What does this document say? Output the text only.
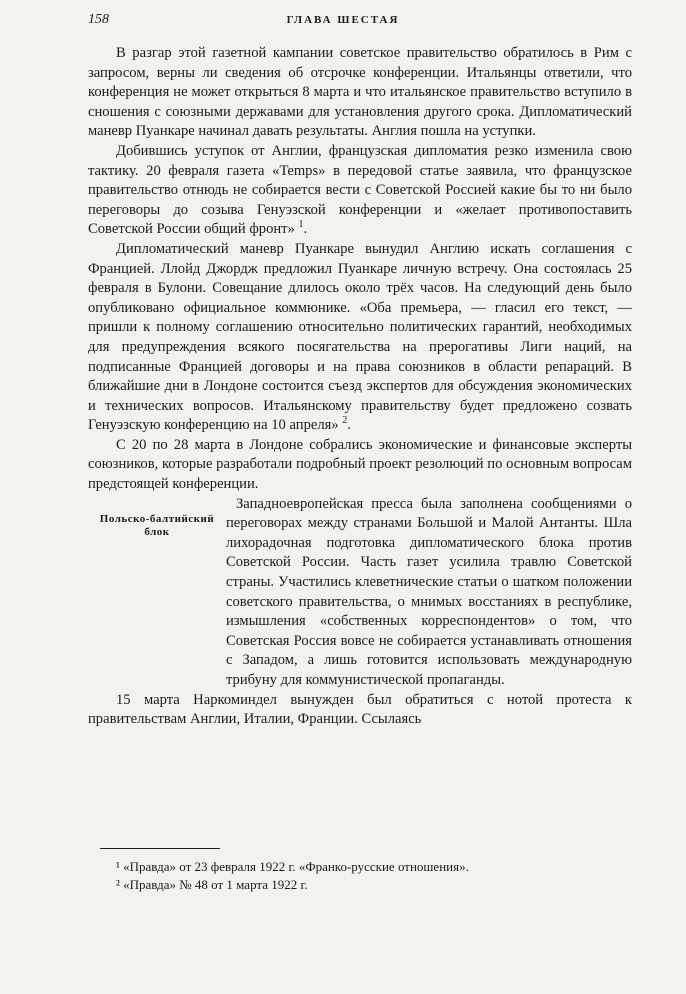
158	ГЛАВА ШЕСТАЯ

В разгар этой газетной кампании советское правительство обратилось в Рим с запросом, верны ли сведения об отсрочке конференции. Итальянцы ответили, что конференция не может открыться 8 марта и что итальянское правительство вступило в сношения с союзными державами для установления другого срока. Дипломатический маневр Пуанкаре начинал давать результаты. Англия пошла на уступки.

Добившись уступок от Англии, французская дипломатия резко изменила свою тактику. 20 февраля газета «Temps» в передовой статье заявила, что французское правительство отнюдь не собирается вести с Советской Россией какие бы то ни было переговоры до созыва Генуэзской конференции и «желает противопоставить Советской России общий фронт» $^1$.

Дипломатический маневр Пуанкаре вынудил Англию искать соглашения с Францией. Ллойд Джордж предложил Пуанкаре личную встречу. Она состоялась 25 февраля в Булони. Совещание длилось около трёх часов. На следующий день было опубликовано официальное коммюнике. «Оба премьера, — гласил его текст, — пришли к полному соглашению относительно политических гарантий, необходимых для предупреждения всякого посягательства на прерогативы Лиги наций, на подписанные Францией договоры и на права союзников в области репараций. В ближайшие дни в Лондоне состоится съезд экспертов для обсуждения экономических и технических вопросов. Итальянскому правительству будет предложено созвать Генуэзскую конференцию на 10 апреля» $^2$.

С 20 по 28 марта в Лондоне собрались экономические и финансовые эксперты союзников, которые разработали подробный проект резолюций по основным вопросам предстоящей конференции.

Польско-балтийский блок
Западноевропейская пресса была заполнена сообщениями о переговорах между странами Большой и Малой Антанты. Шла лихорадочная подготовка дипломатического блока против Советской России. Часть газет усилила травлю Советской страны. Участились клеветнические статьи о шатком положении советского правительства, о мнимых восстаниях в республике, измышления «собственных корреспондентов» о том, что Советская Россия вовсе не собирается устанавливать отношения с Западом, а лишь готовится использовать международную трибуну для коммунистической пропаганды.

15 марта Наркоминдел вынужден был обратиться с нотой протеста к правительствам Англии, Италии, Франции. Ссылаясь

¹ «Правда» от 23 февраля 1922 г. «Франко-русские отношения».
² «Правда» № 48 от 1 марта 1922 г.
